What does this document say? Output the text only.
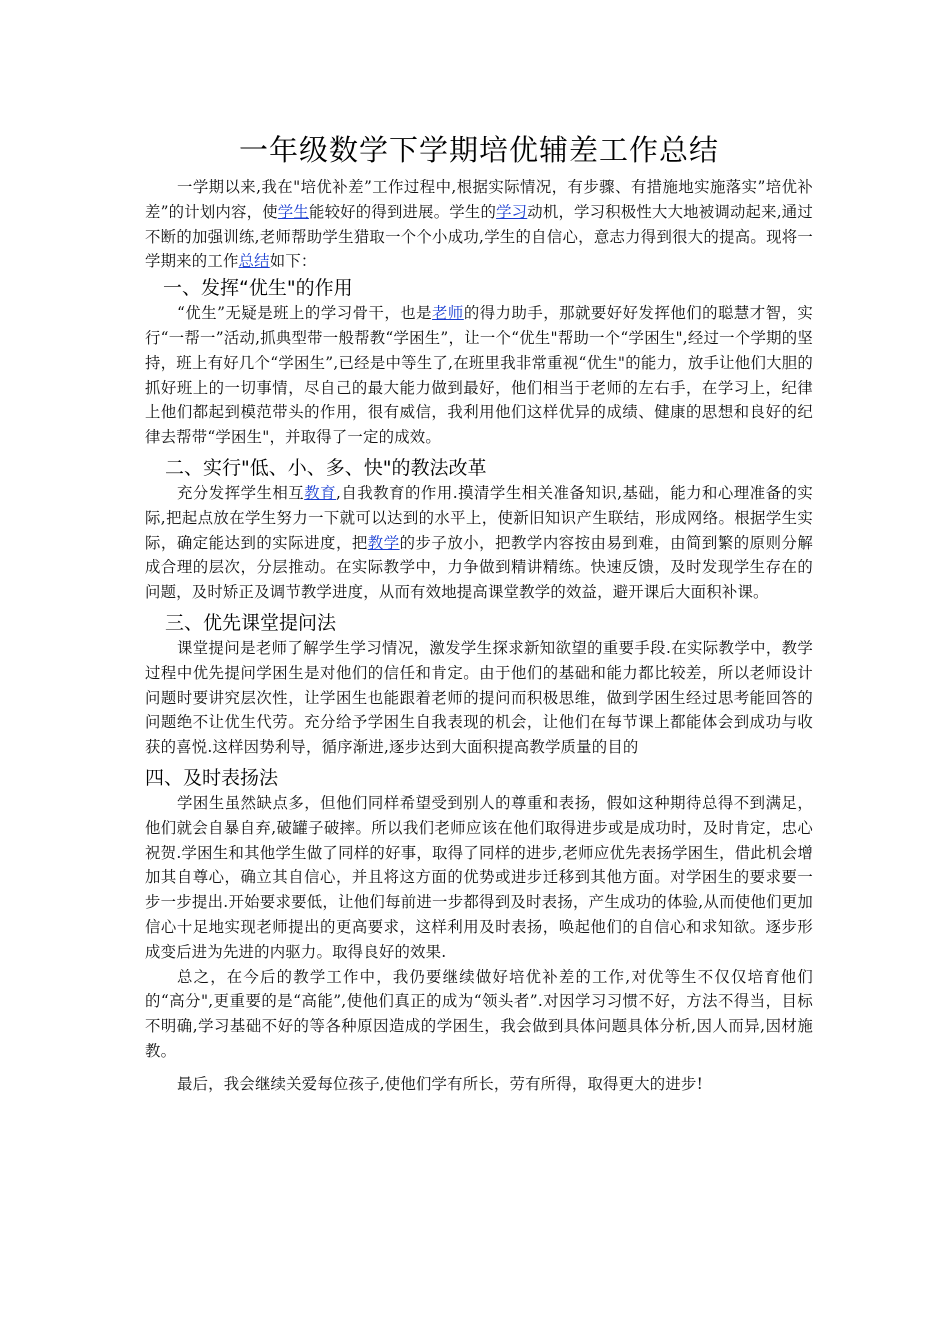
一年级数学下学期培优辅差工作总结

一学期以来,我在"培优补差”工作过程中,根据实际情况，有步骤、有措施地实施落实”培优补差”的计划内容，使学生能较好的得到进展。学生的学习动机，学习积极性大大地被调动起来,通过不断的加强训练,老师帮助学生猎取一个个小成功,学生的自信心，意志力得到很大的提高。现将一学期来的工作总结如下：

一、发挥“优生"的作用

“优生”无疑是班上的学习骨干，也是老师的得力助手，那就要好好发挥他们的聪慧才智，实行“一帮一”活动,抓典型带一般帮教“学困生”，让一个“优生"帮助一个“学困生",经过一个学期的坚持，班上有好几个“学困生”,已经是中等生了,在班里我非常重视“优生"的能力，放手让他们大胆的抓好班上的一切事情，尽自己的最大能力做到最好，他们相当于老师的左右手，在学习上，纪律上他们都起到模范带头的作用，很有威信，我利用他们这样优异的成绩、健康的思想和良好的纪律去帮带“学困生"，并取得了一定的成效。

二、实行"低、小、多、快"的教法改革

充分发挥学生相互教育,自我教育的作用.摸清学生相关准备知识,基础，能力和心理准备的实际,把起点放在学生努力一下就可以达到的水平上，使新旧知识产生联结，形成网络。根据学生实际，确定能达到的实际进度，把教学的步子放小，把教学内容按由易到难，由简到繁的原则分解成合理的层次，分层推动。在实际教学中，力争做到精讲精练。快速反馈，及时发现学生存在的问题，及时矫正及调节教学进度，从而有效地提高课堂教学的效益，避开课后大面积补课。

三、优先课堂提问法

课堂提问是老师了解学生学习情况，激发学生探求新知欲望的重要手段.在实际教学中，教学过程中优先提问学困生是对他们的信任和肯定。由于他们的基础和能力都比较差，所以老师设计问题时要讲究层次性，让学困生也能跟着老师的提问而积极思维，做到学困生经过思考能回答的问题绝不让优生代劳。充分给予学困生自我表现的机会，让他们在每节课上都能体会到成功与收获的喜悦.这样因势利导，循序渐进,逐步达到大面积提高教学质量的目的

四、及时表扬法

学困生虽然缺点多，但他们同样希望受到别人的尊重和表扬，假如这种期待总得不到满足，他们就会自暴自弃,破罐子破摔。所以我们老师应该在他们取得进步或是成功时，及时肯定，忠心祝贺.学困生和其他学生做了同样的好事，取得了同样的进步,老师应优先表扬学困生，借此机会增加其自尊心，确立其自信心，并且将这方面的优势或进步迁移到其他方面。对学困生的要求要一步一步提出.开始要求要低，让他们每前进一步都得到及时表扬，产生成功的体验,从而使他们更加信心十足地实现老师提出的更高要求，这样利用及时表扬，唤起他们的自信心和求知欲。逐步形成变后进为先进的内驱力。取得良好的效果.

总之，在今后的教学工作中，我仍要继续做好培优补差的工作,对优等生不仅仅培育他们的“高分",更重要的是“高能”,使他们真正的成为“领头者”.对因学习习惯不好，方法不得当，目标不明确,学习基础不好的等各种原因造成的学困生，我会做到具体问题具体分析,因人而异,因材施教。

最后，我会继续关爱每位孩子,使他们学有所长，劳有所得，取得更大的进步!
